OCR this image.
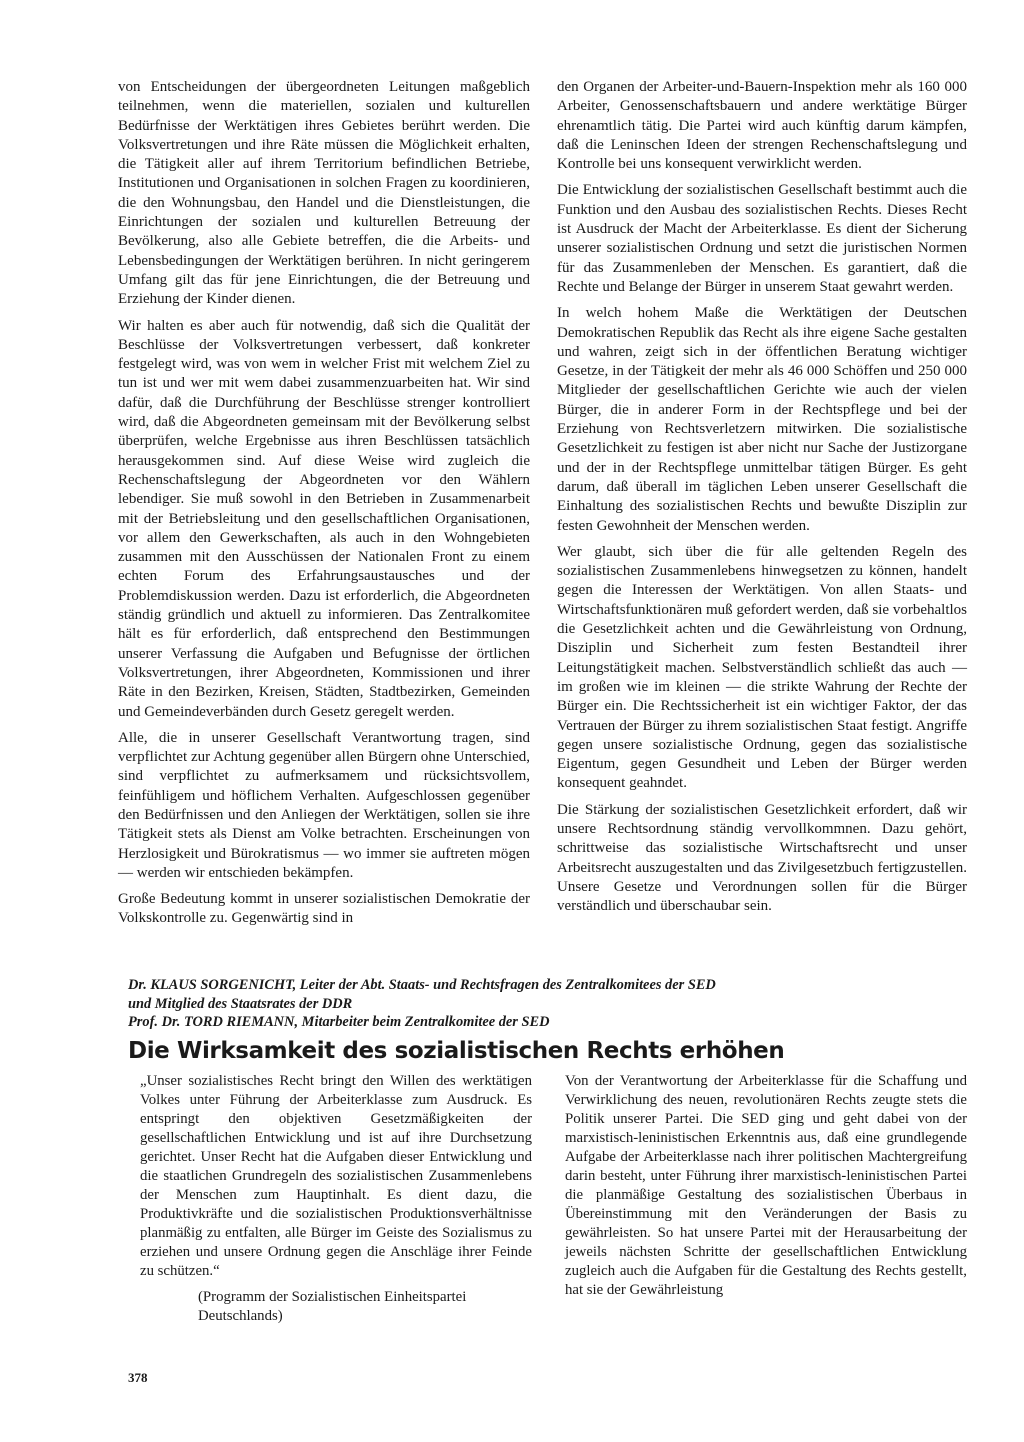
von Entscheidungen der übergeordneten Leitungen maßgeblich teilnehmen, wenn die materiellen, sozialen und kulturellen Bedürfnisse der Werktätigen ihres Gebietes berührt werden. Die Volksvertretungen und ihre Räte müssen die Möglichkeit erhalten, die Tätigkeit aller auf ihrem Territorium befindlichen Betriebe, Institutionen und Organisationen in solchen Fragen zu koordinieren, die den Wohnungsbau, den Handel und die Dienstleistungen, die Einrichtungen der sozialen und kulturellen Betreuung der Bevölkerung, also alle Gebiete betreffen, die die Arbeits- und Lebensbedingungen der Werktätigen berühren. In nicht geringerem Umfang gilt das für jene Einrichtungen, die der Betreuung und Erziehung der Kinder dienen.

Wir halten es aber auch für notwendig, daß sich die Qualität der Beschlüsse der Volksvertretungen verbessert, daß konkreter festgelegt wird, was von wem in welcher Frist mit welchem Ziel zu tun ist und wer mit wem dabei zusammenzuarbeiten hat. Wir sind dafür, daß die Durchführung der Beschlüsse strenger kontrolliert wird, daß die Abgeordneten gemeinsam mit der Bevölkerung selbst überprüfen, welche Ergebnisse aus ihren Beschlüssen tatsächlich herausgekommen sind. Auf diese Weise wird zugleich die Rechenschaftslegung der Abgeordneten vor den Wählern lebendiger. Sie muß sowohl in den Betrieben in Zusammenarbeit mit der Betriebsleitung und den gesellschaftlichen Organisationen, vor allem den Gewerkschaften, als auch in den Wohngebieten zusammen mit den Ausschüssen der Nationalen Front zu einem echten Forum des Erfahrungsaustausches und der Problemdiskussion werden. Dazu ist erforderlich, die Abgeordneten ständig gründlich und aktuell zu informieren. Das Zentralkomitee hält es für erforderlich, daß entsprechend den Bestimmungen unserer Verfassung die Aufgaben und Befugnisse der örtlichen Volksvertretungen, ihrer Abgeordneten, Kommissionen und ihrer Räte in den Bezirken, Kreisen, Städten, Stadtbezirken, Gemeinden und Gemeindeverbänden durch Gesetz geregelt werden.

Alle, die in unserer Gesellschaft Verantwortung tragen, sind verpflichtet zur Achtung gegenüber allen Bürgern ohne Unterschied, sind verpflichtet zu aufmerksamem und rücksichtsvollem, feinfühligem und höflichem Verhalten. Aufgeschlossen gegenüber den Bedürfnissen und den Anliegen der Werktätigen, sollen sie ihre Tätigkeit stets als Dienst am Volke betrachten. Erscheinungen von Herzlosigkeit und Bürokratismus — wo immer sie auftreten mögen — werden wir entschieden bekämpfen.

Große Bedeutung kommt in unserer sozialistischen Demokratie der Volkskontrolle zu. Gegenwärtig sind in

den Organen der Arbeiter-und-Bauern-Inspektion mehr als 160 000 Arbeiter, Genossenschaftsbauern und andere werktätige Bürger ehrenamtlich tätig. Die Partei wird auch künftig darum kämpfen, daß die Leninschen Ideen der strengen Rechenschaftslegung und Kontrolle bei uns konsequent verwirklicht werden.

Die Entwicklung der sozialistischen Gesellschaft bestimmt auch die Funktion und den Ausbau des sozialistischen Rechts. Dieses Recht ist Ausdruck der Macht der Arbeiterklasse. Es dient der Sicherung unserer sozialistischen Ordnung und setzt die juristischen Normen für das Zusammenleben der Menschen. Es garantiert, daß die Rechte und Belange der Bürger in unserem Staat gewahrt werden.

In welch hohem Maße die Werktätigen der Deutschen Demokratischen Republik das Recht als ihre eigene Sache gestalten und wahren, zeigt sich in der öffentlichen Beratung wichtiger Gesetze, in der Tätigkeit der mehr als 46 000 Schöffen und 250 000 Mitglieder der gesellschaftlichen Gerichte wie auch der vielen Bürger, die in anderer Form in der Rechtspflege und bei der Erziehung von Rechtsverletzern mitwirken. Die sozialistische Gesetzlichkeit zu festigen ist aber nicht nur Sache der Justizorgane und der in der Rechtspflege unmittelbar tätigen Bürger. Es geht darum, daß überall im täglichen Leben unserer Gesellschaft die Einhaltung des sozialistischen Rechts und bewußte Disziplin zur festen Gewohnheit der Menschen werden.

Wer glaubt, sich über die für alle geltenden Regeln des sozialistischen Zusammenlebens hinwegsetzen zu können, handelt gegen die Interessen der Werktätigen. Von allen Staats- und Wirtschaftsfunktionären muß gefordert werden, daß sie vorbehaltlos die Gesetzlichkeit achten und die Gewährleistung von Ordnung, Disziplin und Sicherheit zum festen Bestandteil ihrer Leitungstätigkeit machen. Selbstverständlich schließt das auch — im großen wie im kleinen — die strikte Wahrung der Rechte der Bürger ein. Die Rechtssicherheit ist ein wichtiger Faktor, der das Vertrauen der Bürger zu ihrem sozialistischen Staat festigt. Angriffe gegen unsere sozialistische Ordnung, gegen das sozialistische Eigentum, gegen Gesundheit und Leben der Bürger werden konsequent geahndet.

Die Stärkung der sozialistischen Gesetzlichkeit erfordert, daß wir unsere Rechtsordnung ständig vervollkommnen. Dazu gehört, schrittweise das sozialistische Wirtschaftsrecht und unser Arbeitsrecht auszugestalten und das Zivilgesetzbuch fertigzustellen. Unsere Gesetze und Verordnungen sollen für die Bürger verständlich und überschaubar sein.

Dr. KLAUS SORGENICHT, Leiter der Abt. Staats- und Rechtsfragen des Zentralkomitees der SED
und Mitglied des Staatsrates der DDR
Prof. Dr. TORD RIEMANN, Mitarbeiter beim Zentralkomitee der SED
Die Wirksamkeit des sozialistischen Rechts erhöhen

„Unser sozialistisches Recht bringt den Willen des werktätigen Volkes unter Führung der Arbeiterklasse zum Ausdruck. Es entspringt den objektiven Gesetzmäßigkeiten der gesellschaftlichen Entwicklung und ist auf ihre Durchsetzung gerichtet. Unser Recht hat die Aufgaben dieser Entwicklung und die staatlichen Grundregeln des sozialistischen Zusammenlebens der Menschen zum Hauptinhalt. Es dient dazu, die Produktivkräfte und die sozialistischen Produktionsverhältnisse planmäßig zu entfalten, alle Bürger im Geiste des Sozialismus zu erziehen und unsere Ordnung gegen die Anschläge ihrer Feinde zu schützen.“

(Programm der Sozialistischen Einheitspartei Deutschlands)

Von der Verantwortung der Arbeiterklasse für die Schaffung und Verwirklichung des neuen, revolutionären Rechts zeugte stets die Politik unserer Partei. Die SED ging und geht dabei von der marxistisch-leninistischen Erkenntnis aus, daß eine grundlegende Aufgabe der Arbeiterklasse nach ihrer politischen Machtergreifung darin besteht, unter Führung ihrer marxistisch-leninistischen Partei die planmäßige Gestaltung des sozialistischen Überbaus in Übereinstimmung mit den Veränderungen der Basis zu gewährleisten. So hat unsere Partei mit der Herausarbeitung der jeweils nächsten Schritte der gesellschaftlichen Entwicklung zugleich auch die Aufgaben für die Gestaltung des Rechts gestellt, hat sie der Gewährleistung

378
